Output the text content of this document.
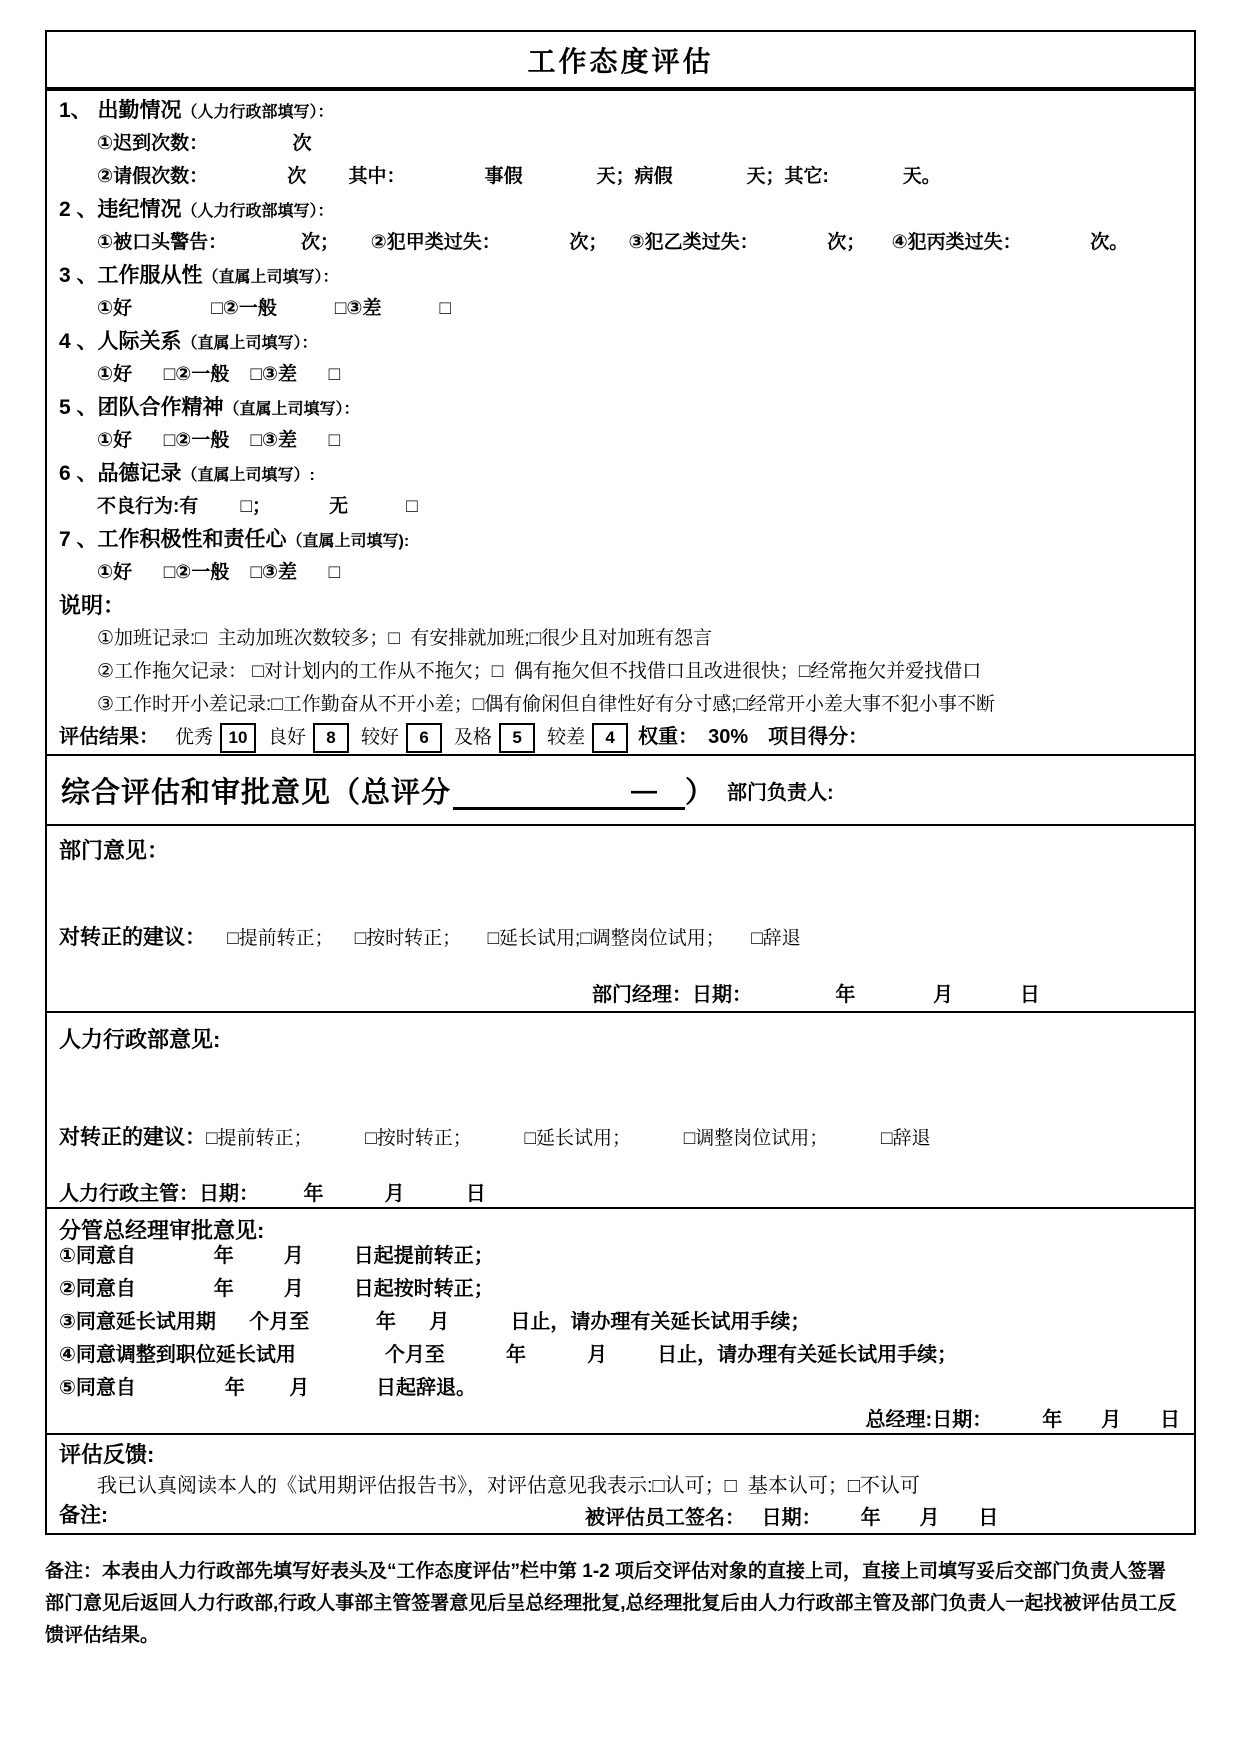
工作态度评估
1、 出勤情况（人力行政部填写）：
①迟到次数：                次
②请假次数：               次        其中：               事假              天；病假              天；其它:              天。
2 、违纪情况（人力行政部填写）：
①被口头警告：              次；      ②犯甲类过失：             次；    ③犯乙类过失：             次；     ④犯丙类过失：             次。
3 、工作服从性（直属上司填写）：
①好               □②一般           □③差           □
4 、人际关系（直属上司填写）：
①好      □②一般    □③差      □
5 、团队合作精神（直属上司填写）：
①好      □②一般    □③差      □
6 、品德记录（直属上司填写）:
不良行为:有        □；           无           □
7 、工作积极性和责任心（直属上司填写):
①好      □②一般    □③差      □
说明：
①加班记录:□  主动加班次数较多；□  有安排就加班;□很少且对加班有怨言
②工作拖欠记录： □对计划内的工作从不拖欠；□  偶有拖欠但不找借口且改进很快；□经常拖欠并爱找借口
③工作时开小差记录:□工作勤奋从不开小差；□偶有偷闲但自律性好有分寸感;□经常开小差大事不犯小事不断
评估结果： 优秀 10	良好	8	较好	6	及格	5	较差	4	权重： 30% 项目得分：
综合评估和审批意见（总评分	— ） 部门负责人:
部门意见：
对转正的建议：    □提前转正；    □按时转正；     □延长试用;□调整岗位试用；     □辞退
部门经理：日期：               年              月            日
人力行政部意见:
对转正的建议：□提前转正；          □按时转正；          □延长试用；          □调整岗位试用；          □辞退
人力行政主管：日期：        年           月           日
分管总经理审批意见:
①同意自              年         月         日起提前转正；
②同意自              年         月         日起按时转正；
③同意延长试用期      个月至            年      月           日止，请办理有关延长试用手续；
④同意调整到职位延长试用                个月至           年           月         日止，请办理有关延长试用手续；
⑤同意自                年        月            日起辞退。
总经理:日期：         年       月       日
评估反馈:
我已认真阅读本人的《试用期评估报告书》，对评估意见我表示:□认可；□  基本认可；□不认可
备注:	被评估员工签名：   日期：       年       月       日
备注：本表由人力行政部先填写好表头及“工作态度评估”栏中第 1-2 项后交评估对象的直接上司，直接上司填写妥后交部门负责人签署
部门意见后返回人力行政部,行政人事部主管签署意见后呈总经理批复,总经理批复后由人力行政部主管及部门负责人一起找被评估员工反
馈评估结果。
